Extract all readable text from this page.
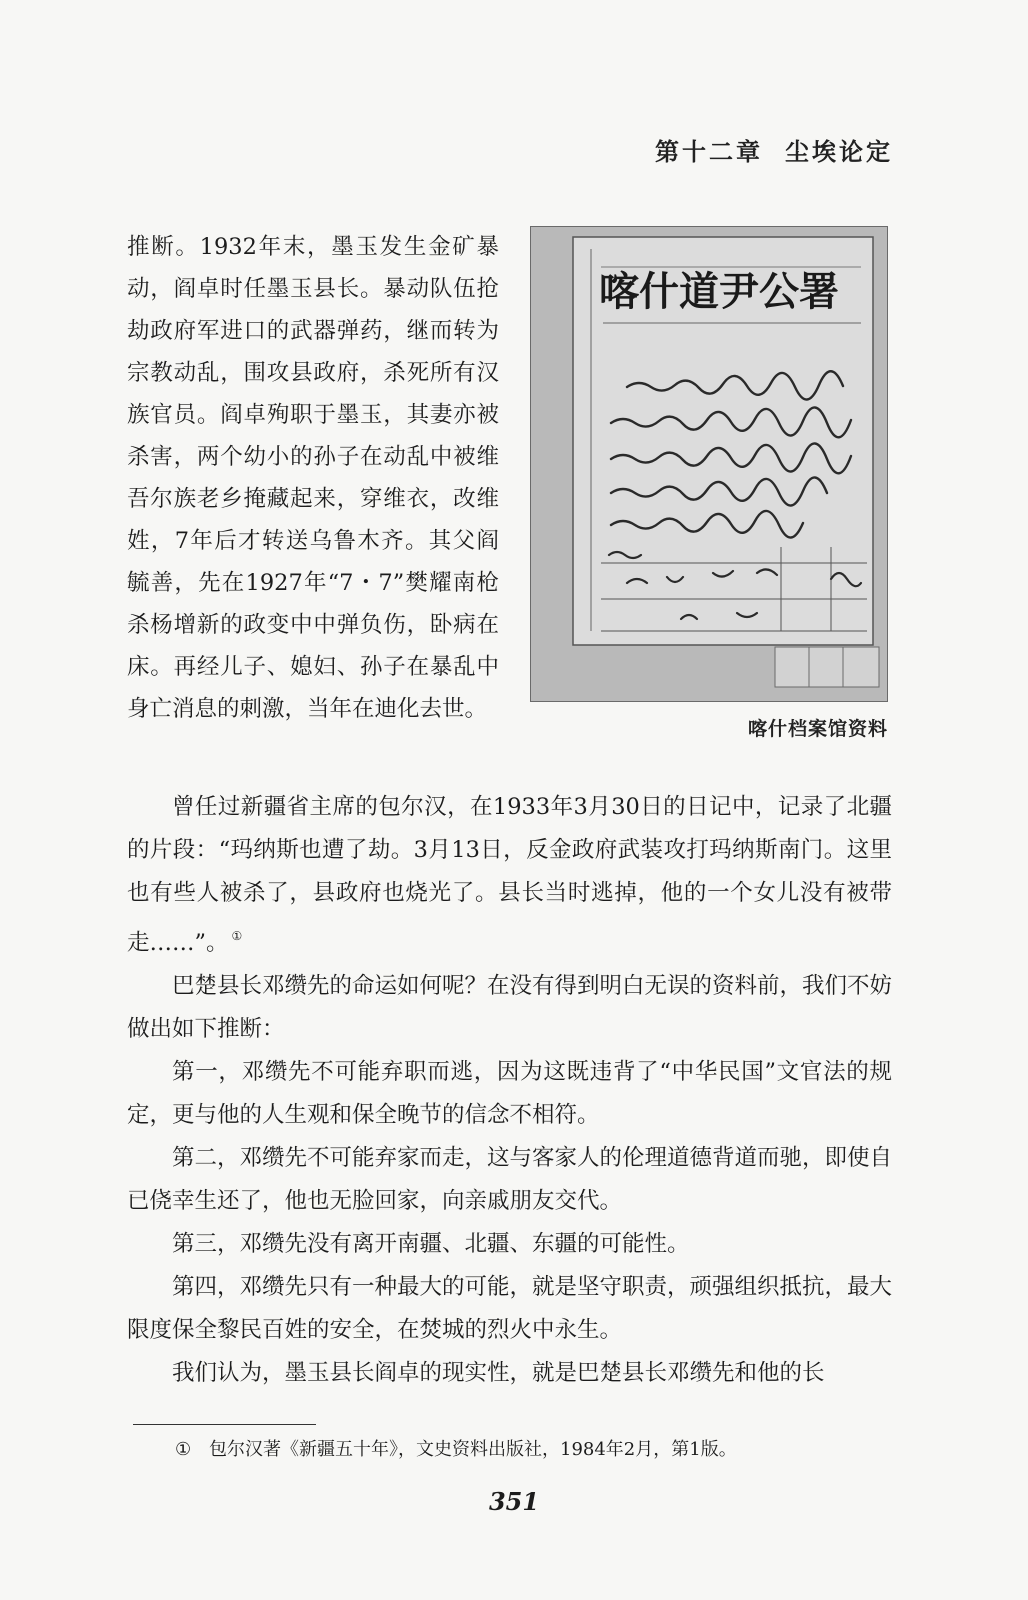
第十二章 尘埃论定

推断。1932年末，墨玉发生金矿暴动，阎卓时任墨玉县长。暴动队伍抢劫政府军进口的武器弹药，继而转为宗教动乱，围攻县政府，杀死所有汉族官员。阎卓殉职于墨玉，其妻亦被杀害，两个幼小的孙子在动乱中被维吾尔族老乡掩藏起来，穿维衣，改维姓，7年后才转送乌鲁木齐。其父阎毓善，先在1927年“7・7”樊耀南枪杀杨增新的政变中中弹负伤，卧病在床。再经儿子、媳妇、孙子在暴乱中身亡消息的刺激，当年在迪化去世。

喀什道尹公署
喀什档案馆资料

曾任过新疆省主席的包尔汉，在1933年3月30日的日记中，记录了北疆的片段：“玛纳斯也遭了劫。3月13日，反金政府武装攻打玛纳斯南门。这里也有些人被杀了，县政府也烧光了。县长当时逃掉，他的一个女儿没有被带走……”。 ①

巴楚县长邓缵先的命运如何呢？在没有得到明白无误的资料前，我们不妨做出如下推断：

第一，邓缵先不可能弃职而逃，因为这既违背了“中华民国”文官法的规定，更与他的人生观和保全晚节的信念不相符。

第二，邓缵先不可能弃家而走，这与客家人的伦理道德背道而驰，即使自已侥幸生还了，他也无脸回家，向亲戚朋友交代。

第三，邓缵先没有离开南疆、北疆、东疆的可能性。

第四，邓缵先只有一种最大的可能，就是坚守职责，顽强组织抵抗，最大限度保全黎民百姓的安全，在焚城的烈火中永生。

我们认为，墨玉县长阎卓的现实性，就是巴楚县长邓缵先和他的长

① 包尔汉著《新疆五十年》，文史资料出版社，1984年2月，第1版。
351
